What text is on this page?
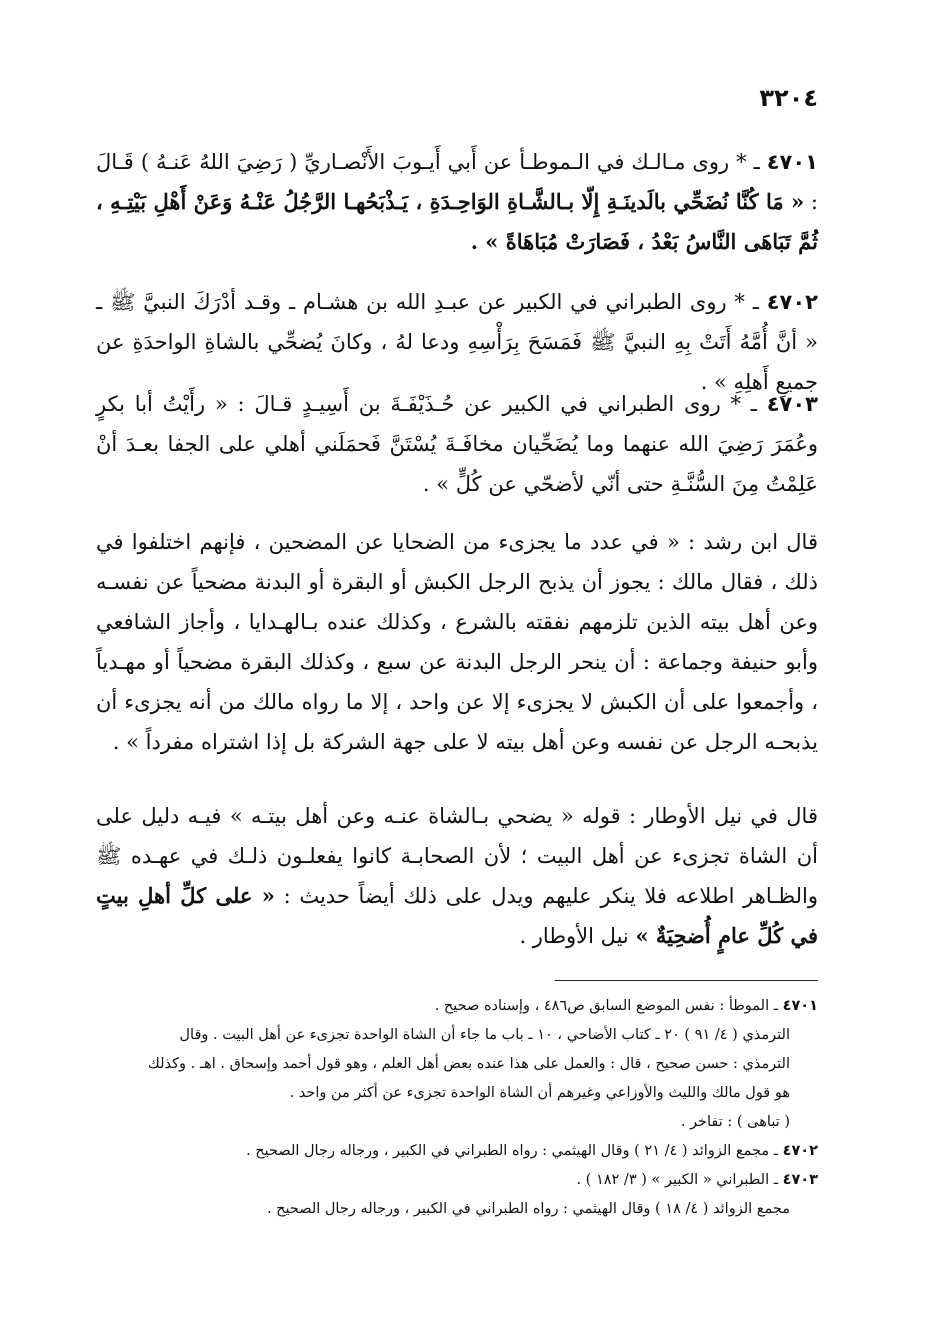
٣٢٠٤

٤٧٠١ ـ * روى مـالـك في الـموطـأ عن أَبي أَيـوبَ الأَنْصـاريِّ ( رَضِيَ اللهُ عَنـهُ ) قَـالَ : « مَا كُنَّا نُضَحِّي بالَدينَـةِ إِلّا بـالشَّـاةِ الوَاحِـدَةِ ، يَـذْبَحُهـا الرَّجُلُ عَنْـهُ وَعَنْ أَهْلِ بَيْتِـهِ ، ثُمَّ تَبَاهَى النَّاسُ بَعْدُ ، فَصَارَتْ مُبَاهَاةً » .

٤٧٠٢ ـ * روى الطبراني في الكبير عن عبـدِ الله بن هشـام ـ وقـد أدْرَكَ النبيَّ ﷺ ـ « أنَّ أُمَّهُ أَتَتْ بِهِ النبيَّ ﷺ فَمَسَحَ بِرَأْسِهِ ودعا لهُ ، وكانَ يُضحِّي بالشاةِ الواحدَةِ عن جميعِ أَهلِهِ » .

٤٧٠٣ ـ * روى الطبراني في الكبير عن حُـذَيْفَـةَ بن أَسِيـدٍ قـالَ : « رأَيْتُ أبا بكرٍ وعُمَرَ رَضِيَ الله عنهما وما يُضَحِّيان مخافَـةَ يُسْتَنَّ فَحمَلَني أهلي على الجفا بعـدَ أنْ عَلِمْتُ مِنَ السُّنَّـةِ حتى أنّي لأضحّي عن كُلٍّ » .

قال ابن رشد : « في عدد ما يجزىء من الضحايا عن المضحين ، فإنهم اختلفوا في ذلك ، فقال مالك : يجوز أن يذبح الرجل الكبش أو البقرة أو البدنة مضحياً عن نفسـه وعن أهل بيته الذين تلزمهم نفقته بالشرع ، وكذلك عنده بـالهـدايا ، وأجاز الشافعي وأبو حنيفة وجماعة : أن ينحر الرجل البدنة عن سبع ، وكذلك البقرة مضحياً أو مهـدياً ، وأجمعوا على أن الكبش لا يجزىء إلا عن واحد ، إلا ما رواه مالك من أنه يجزىء أن يذبحـه الرجل عن نفسه وعن أهل بيته لا على جهة الشركة بل إذا اشتراه مفرداً » .

قال في نيل الأوطار : قوله « يضحي بـالشاة عنـه وعن أهل بيتـه » فيـه دليل على أن الشاة تجزىء عن أهل البيت ؛ لأن الصحابـة كانوا يفعلـون ذلـك في عهـده ﷺ والظـاهر اطلاعه فلا ينكر عليهم ويدل على ذلك أيضاً حديث : « على كلِّ أهلِ بيتٍ في كُلِّ عامٍ أُضحِيَةٌ » نيل الأوطار .

٤٧٠١ ـ الموطأ : نفس الموضع السابق ص٤٨٦ ، وإسناده صحيح .
الترمذي ( ٤/ ٩١ ) ٢٠ ـ كتاب الأضاحي ، ١٠ ـ باب ما جاء أن الشاة الواحدة تجزىء عن أهل البيت . وقال
الترمذي : حسن صحيح ، قال : والعمل على هذا عنده بعض أهل العلم ، وهو قول أحمد وإسحاق . اهـ . وكذلك
هو قول مالك والليث والأوزاعي وغيرهم أن الشاة الواحدة تجزىء عن أكثر من واحد .
( تباهى ) : تفاخر .
٤٧٠٢ ـ مجمع الزوائد ( ٤/ ٢١ ) وقال الهيثمي : رواه الطبراني في الكبير ، ورجاله رجال الصحيح .
٤٧٠٣ ـ الطبراني « الكبير » ( ٣/ ١٨٢ ) .
مجمع الزوائد ( ٤/ ١٨ ) وقال الهيثمي : رواه الطبراني في الكبير ، ورجاله رجال الصحيح .
